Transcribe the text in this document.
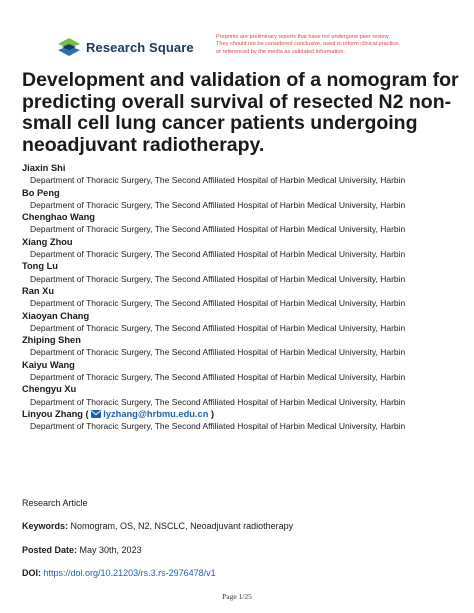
Research Square
Preprints are preliminary reports that have not undergone peer review.
They should not be considered conclusive, used to inform clinical practice,
or referenced by the media as validated information.
Development and validation of a nomogram for predicting overall survival of resected N2 non-small cell lung cancer patients undergoing neoadjuvant radiotherapy.
Jiaxin Shi
Department of Thoracic Surgery, The Second Affiliated Hospital of Harbin Medical University, Harbin
Bo Peng
Department of Thoracic Surgery, The Second Affiliated Hospital of Harbin Medical University, Harbin
Chenghao Wang
Department of Thoracic Surgery, The Second Affiliated Hospital of Harbin Medical University, Harbin
Xiang Zhou
Department of Thoracic Surgery, The Second Affiliated Hospital of Harbin Medical University, Harbin
Tong Lu
Department of Thoracic Surgery, The Second Affiliated Hospital of Harbin Medical University, Harbin
Ran Xu
Department of Thoracic Surgery, The Second Affiliated Hospital of Harbin Medical University, Harbin
Xiaoyan Chang
Department of Thoracic Surgery, The Second Affiliated Hospital of Harbin Medical University, Harbin
Zhiping Shen
Department of Thoracic Surgery, The Second Affiliated Hospital of Harbin Medical University, Harbin
Kaiyu Wang
Department of Thoracic Surgery, The Second Affiliated Hospital of Harbin Medical University, Harbin
Chengyu Xu
Department of Thoracic Surgery, The Second Affiliated Hospital of Harbin Medical University, Harbin
Linyou Zhang ( lyzhang@hrbmu.edu.cn )
Department of Thoracic Surgery, The Second Affiliated Hospital of Harbin Medical University, Harbin
Research Article
Keywords: Nomogram, OS, N2, NSCLC, Neoadjuvant radiotherapy
Posted Date: May 30th, 2023
DOI: https://doi.org/10.21203/rs.3.rs-2976478/v1
Page 1/25
